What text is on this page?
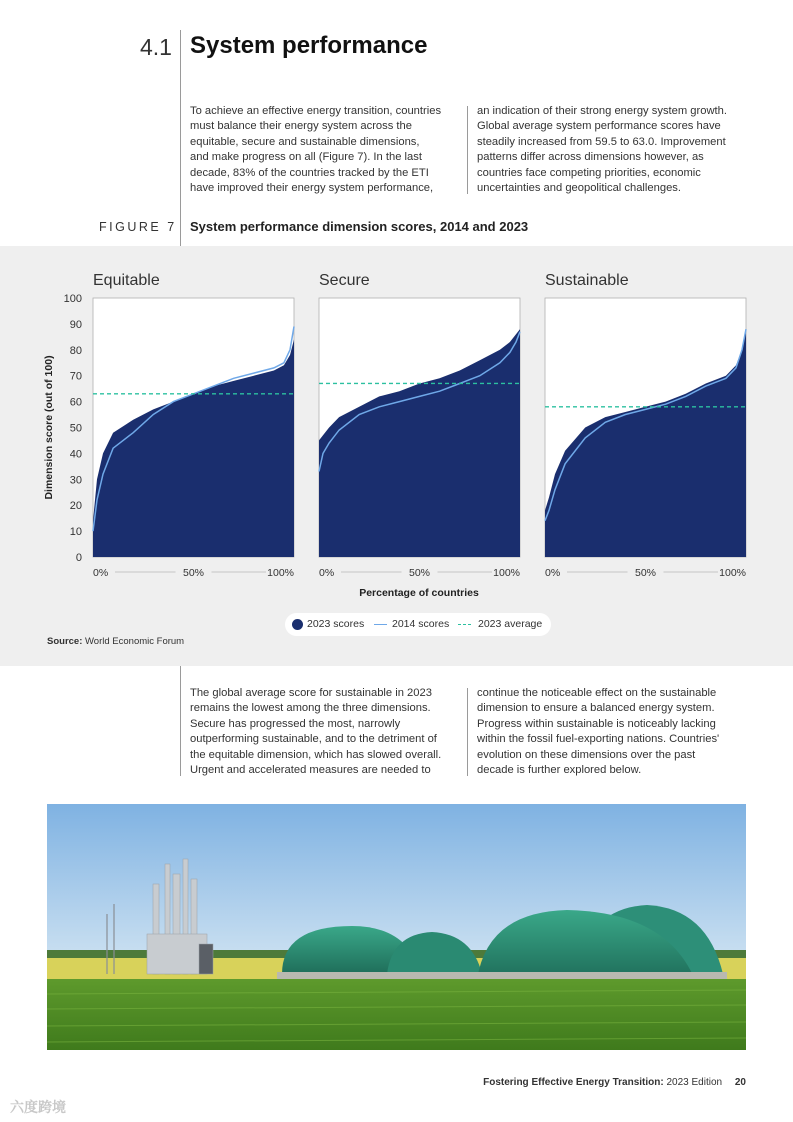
4.1 System performance
To achieve an effective energy transition, countries
must balance their energy system across the
equitable, secure and sustainable dimensions,
and make progress on all (Figure 7). In the last
decade, 83% of the countries tracked by the ETI
have improved their energy system performance,
an indication of their strong energy system growth.
Global average system performance scores have
steadily increased from 59.5 to 63.0. Improvement
patterns differ across dimensions however, as
countries face competing priorities, economic
uncertainties and geopolitical challenges.
FIGURE 7 System performance dimension scores, 2014 and 2023
0
10
20
30
40
50
60
70
80
90
100
Dimension score (out of 100)
Equitable
0%	50%	100%
Secure
0%	50%	100%
Sustainable
0%	50%	100%
Percentage of countries
2023 scores	2014 scores	2023 average
Source: World Economic Forum
The global average score for sustainable in 2023
remains the lowest among the three dimensions.
Secure has progressed the most, narrowly
outperforming sustainable, and to the detriment of
the equitable dimension, which has slowed overall.
Urgent and accelerated measures are needed to
continue the noticeable effect on the sustainable
dimension to ensure a balanced energy system.
Progress within sustainable is noticeably lacking
within the fossil fuel-exporting nations. Countries'
evolution on these dimensions over the past
decade is further explored below.
Fostering Effective Energy Transition: 2023 Edition 20
六度跨境
